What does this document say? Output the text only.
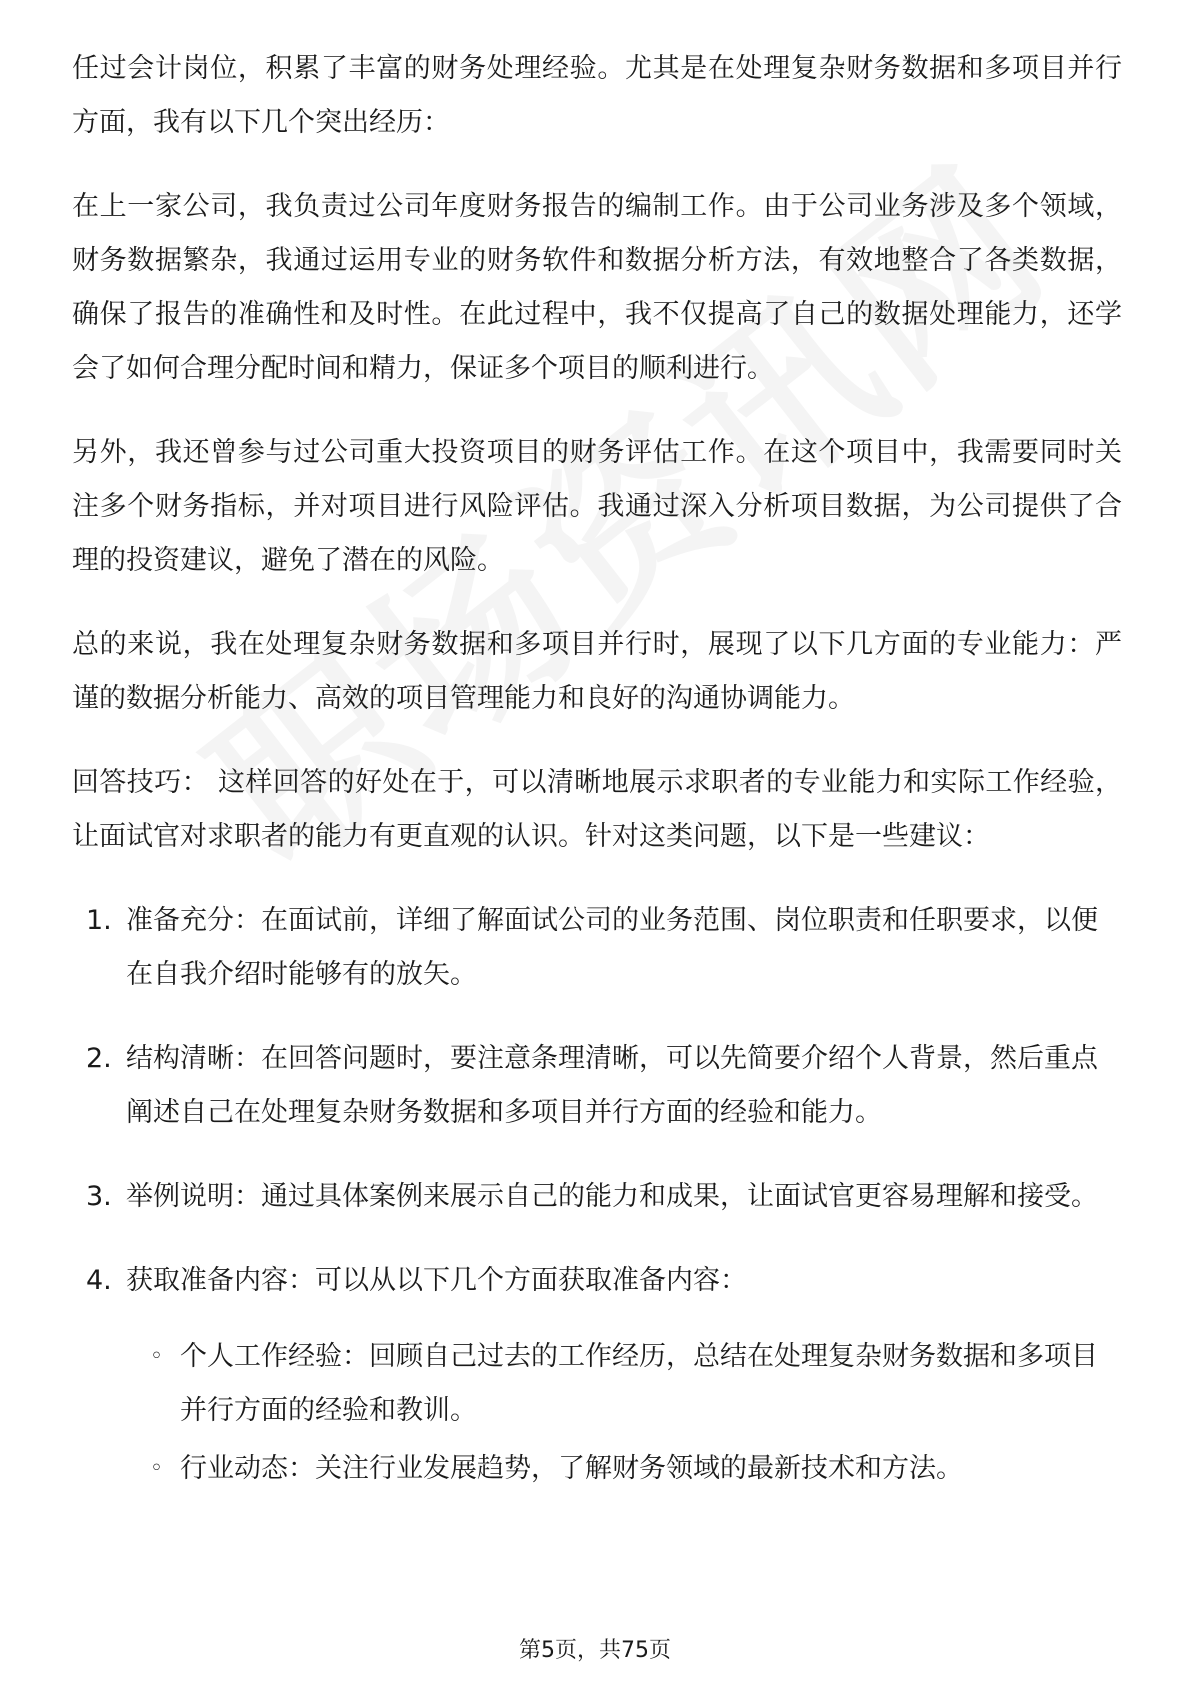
任过会计岗位，积累了丰富的财务处理经验。尤其是在处理复杂财务数据和多项目并行方面，我有以下几个突出经历：

在上一家公司，我负责过公司年度财务报告的编制工作。由于公司业务涉及多个领域，财务数据繁杂，我通过运用专业的财务软件和数据分析方法，有效地整合了各类数据，确保了报告的准确性和及时性。在此过程中，我不仅提高了自己的数据处理能力，还学会了如何合理分配时间和精力，保证多个项目的顺利进行。

另外，我还曾参与过公司重大投资项目的财务评估工作。在这个项目中，我需要同时关注多个财务指标，并对项目进行风险评估。我通过深入分析项目数据，为公司提供了合理的投资建议，避免了潜在的风险。

总的来说，我在处理复杂财务数据和多项目并行时，展现了以下几方面的专业能力：严谨的数据分析能力、高效的项目管理能力和良好的沟通协调能力。

回答技巧： 这样回答的好处在于，可以清晰地展示求职者的专业能力和实际工作经验，让面试官对求职者的能力有更直观的认识。针对这类问题，以下是一些建议：

1. 准备充分：在面试前，详细了解面试公司的业务范围、岗位职责和任职要求，以便在自我介绍时能够有的放矢。
2. 结构清晰：在回答问题时，要注意条理清晰，可以先简要介绍个人背景，然后重点阐述自己在处理复杂财务数据和多项目并行方面的经验和能力。
3. 举例说明：通过具体案例来展示自己的能力和成果，让面试官更容易理解和接受。
4. 获取准备内容：可以从以下几个方面获取准备内容：
◦ 个人工作经验：回顾自己过去的工作经历，总结在处理复杂财务数据和多项目并行方面的经验和教训。
◦ 行业动态：关注行业发展趋势，了解财务领域的最新技术和方法。
第5页，共75页
